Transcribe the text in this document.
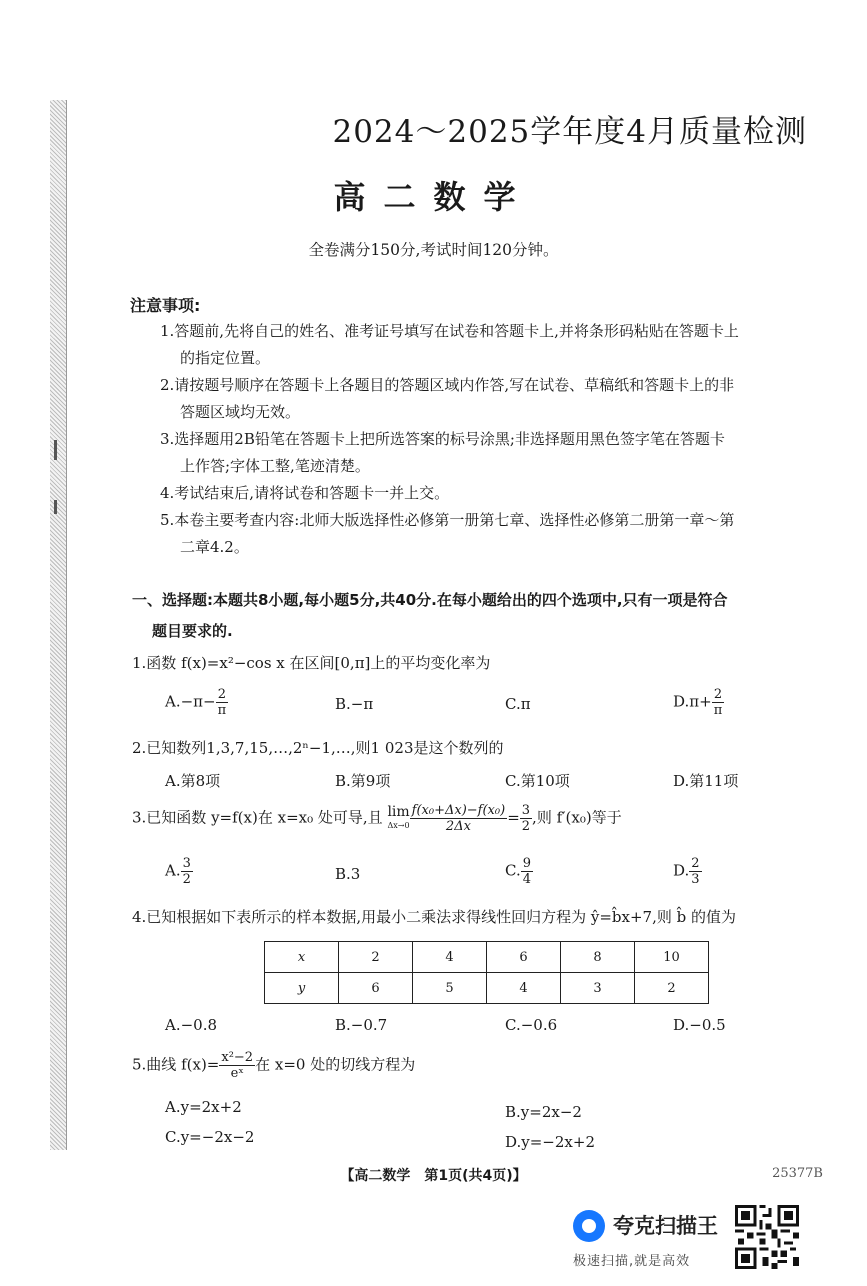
2024～2025学年度4月质量检测
高二数学
全卷满分150分,考试时间120分钟。
注意事项:

1.答题前,先将自己的姓名、准考证号填写在试卷和答题卡上,并将条形码粘贴在答题卡上

的指定位置。

2.请按题号顺序在答题卡上各题目的答题区域内作答,写在试卷、草稿纸和答题卡上的非

答题区域均无效。

3.选择题用2B铅笔在答题卡上把所选答案的标号涂黑;非选择题用黑色签字笔在答题卡

上作答;字体工整,笔迹清楚。

4.考试结束后,请将试卷和答题卡一并上交。

5.本卷主要考查内容:北师大版选择性必修第一册第七章、选择性必修第二册第一章～第

二章4.2。

一、选择题:本题共8小题,每小题5分,共40分.在每小题给出的四个选项中,只有一项是符合
题目要求的.
1.函数 f(x)=x²−cos x 在区间[0,π]上的平均变化率为
$A.-\pi- \frac{2}{\pi}$	B.−π	C.π	$D.\pi+ \frac{2}{\pi}$
2.已知数列1,3,7,15,…,2ⁿ−1,…,则1 023是这个数列的
A.第8项	B.第9项	C.第10项	D.第11项
3.已知函数 y=f(x)在 x=x₀ 处可导,且 lim
$\Delta x\to 0 \frac{\text{f(x₀+Δx)−f(x₀)}}{2\Delta x} = \frac{3}{2}$ ,则 f′(x₀)等于
A. $\frac{3}{2}$	B.3	C. $\frac{9}{4}$	D. $\frac{2}{3}$
4.已知根据如下表所示的样本数据,用最小二乘法求得线性回归方程为 ŷ=b̂x+7,则 b̂ 的值为
x	2	4	6	8	10
y	6	5	4	3	2
A.−0.8	B.−0.7	C.−0.6	D.−0.5
5.曲线 $f(x)= \frac{\text{x²−2}}{\text{eˣ}}$ 在 x=0 处的切线方程为
A.y=2x+2	B.y=2x−2
C.y=−2x−2	D.y=−2x+2
【高二数学　第1页(共4页)】	25377B
夸克扫描王
极速扫描,就是高效
